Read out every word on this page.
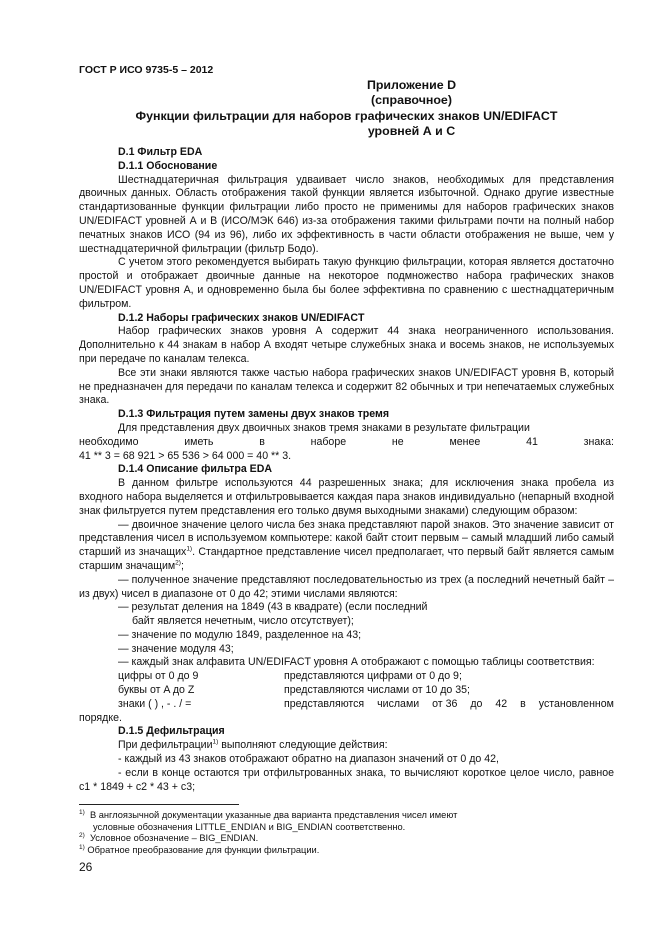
ГОСТ Р ИСО 9735-5 – 2012
Приложение D
(справочное)
Функции фильтрации для наборов графических знаков UN/EDIFACT
уровней А и С

D.1 Фильтр EDA

D.1.1 Обоснование

Шестнадцатеричная фильтрация удваивает число знаков, необходимых для представления двоичных данных. Область отображения такой функции является избыточной. Однако другие известные стандартизованные функции фильтрации либо просто не применимы для наборов графических знаков UN/EDIFACT уровней А и В (ИСО/МЭК 646) из-за отображения такими фильтрами почти на полный набор печатных знаков ИСО (94 из 96), либо их эффективность в части области отображения не выше, чем у шестнадцатеричной фильтрации (фильтр Бодо).

С учетом этого рекомендуется выбирать такую функцию фильтрации, которая является достаточно простой и отображает двоичные данные на некоторое подмножество набора графических знаков UN/EDIFACT уровня А, и одновременно была бы более эффективна по сравнению с шестнадцатеричным фильтром.

D.1.2 Наборы графических знаков UN/EDIFACT

Набор графических знаков уровня А содержит 44 знака неограниченного использования. Дополнительно к 44 знакам в набор А входят четыре служебных знака и восемь знаков, не используемых при передаче по каналам телекса.

Все эти знаки являются также частью набора графических знаков UN/EDIFACT уровня В, который не предназначен для передачи по каналам телекса и содержит 82 обычных и три непечатаемых служебных знака.

D.1.3 Фильтрация путем замены двух знаков тремя

Для представления двух двоичных знаков тремя знаками в результате фильтрации

необходимо	иметь	в	наборе	не	менее	41	знака:

41 ** 3 = 68 921 > 65 536 > 64 000 = 40 ** 3.

D.1.4 Описание фильтра EDA

В данном фильтре используются 44 разрешенных знака; для исключения знака пробела из входного набора выделяется и отфильтровывается каждая пара знаков индивидуально (непарный входной знак фильтруется путем представления его только двумя выходными знаками) следующим образом:

— двоичное значение целого числа без знака представляют парой знаков. Это значение зависит от представления чисел в используемом компьютере: какой байт стоит первым – самый младший либо самый старший из значащих$^{1)}$. Стандартное представление чисел предполагает, что первый байт является самым старшим значащим$^{2)}$;

— полученное значение представляют последовательностью из трех (а последний нечетный байт – из двух) чисел в диапазоне от 0 до 42; этими числами являются:

— результат деления на 1849 (43 в квадрате) (если последний

байт является нечетным, число отсутствует);

— значение по модулю 1849, разделенное на 43;

— значение модуля 43;

— каждый знак алфавита UN/EDIFACT уровня А отображают с помощью таблицы соответствия:

цифры от 0 до 9	представляются цифрами от 0 до 9;
буквы от A до Z	представляются числами от 10 до 35;
знаки ( ) , - . / =	представляются числами от 36 до 42 в установленном

порядке.

D.1.5 Дефильтрация

При дефильтрации$^{1)}$ выполняют следующие действия:

- каждый из 43 знаков отображают обратно на диапазон значений от 0 до 42,

- если в конце остаются три отфильтрованных знака, то вычисляют короткое целое число, равное c1 * 1849 + c2 * 43 + c3;

$^{1)}$ В англоязычной документации указанные два варианта представления чисел имеют

условные обозначения LITTLE_ENDIAN и BIG_ENDIAN соответственно.

$^{2)}$ Условное обозначение – BIG_ENDIAN.

$^{1)}$ Обратное преобразование для функции фильтрации.

26
